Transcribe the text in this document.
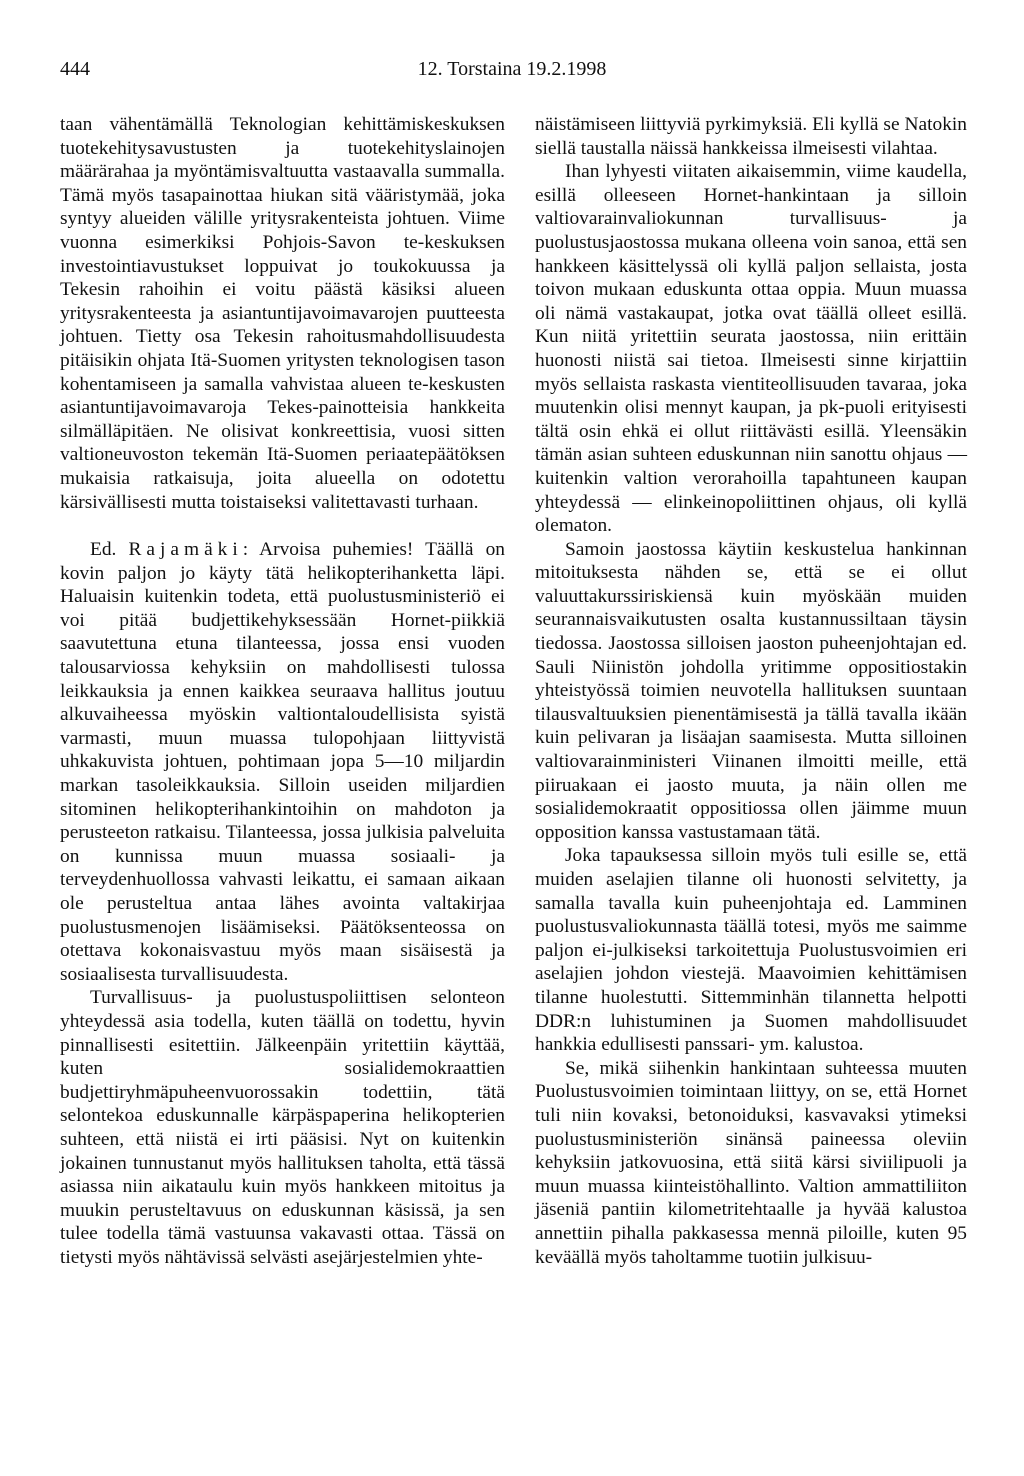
444	12. Torstaina 19.2.1998

taan vähentämällä Teknologian kehittämiskeskuksen tuotekehitysavustusten ja tuotekehityslainojen määrärahaa ja myöntämisvaltuutta vastaavalla summalla. Tämä myös tasapainottaa hiukan sitä vääristymää, joka syntyy alueiden välille yritysrakenteista johtuen. Viime vuonna esimerkiksi Pohjois-Savon te-keskuksen investointiavustukset loppuivat jo toukokuussa ja Tekesin rahoihin ei voitu päästä käsiksi alueen yritysrakenteesta ja asiantuntijavoimavarojen puutteesta johtuen. Tietty osa Tekesin rahoitusmahdollisuudesta pitäisikin ohjata Itä-Suomen yritysten teknologisen tason kohentamiseen ja samalla vahvistaa alueen te-keskusten asiantuntijavoimavaroja Tekes-painotteisia hankkeita silmälläpitäen. Ne olisivat konkreettisia, vuosi sitten valtioneuvoston tekemän Itä-Suomen periaatepäätöksen mukaisia ratkaisuja, joita alueella on odotettu kärsivällisesti mutta toistaiseksi valitettavasti turhaan.

Ed. Rajamäki: Arvoisa puhemies! Täällä on kovin paljon jo käyty tätä helikopterihanketta läpi. Haluaisin kuitenkin todeta, että puolustusministeriö ei voi pitää budjettikehyksessään Hornet-piikkiä saavutettuna etuna tilanteessa, jossa ensi vuoden talousarviossa kehyksiin on mahdollisesti tulossa leikkauksia ja ennen kaikkea seuraava hallitus joutuu alkuvaiheessa myöskin valtiontaloudellisista syistä varmasti, muun muassa tulopohjaan liittyvistä uhkakuvista johtuen, pohtimaan jopa 5—10 miljardin markan tasoleikkauksia. Silloin useiden miljardien sitominen helikopterihankintoihin on mahdoton ja perusteeton ratkaisu. Tilanteessa, jossa julkisia palveluita on kunnissa muun muassa sosiaali- ja terveydenhuollossa vahvasti leikattu, ei samaan aikaan ole perusteltua antaa lähes avointa valtakirjaa puolustusmenojen lisäämiseksi. Päätöksenteossa on otettava kokonaisvastuu myös maan sisäisestä ja sosiaalisesta turvallisuudesta.

Turvallisuus- ja puolustuspoliittisen selonteon yhteydessä asia todella, kuten täällä on todettu, hyvin pinnallisesti esitettiin. Jälkeenpäin yritettiin käyttää, kuten sosialidemokraattien budjettiryhmäpuheenvuorossakin todettiin, tätä selontekoa eduskunnalle kärpäspaperina helikopterien suhteen, että niistä ei irti pääsisi. Nyt on kuitenkin jokainen tunnustanut myös hallituksen taholta, että tässä asiassa niin aikataulu kuin myös hankkeen mitoitus ja muukin perusteltavuus on eduskunnan käsissä, ja sen tulee todella tämä vastuunsa vakavasti ottaa. Tässä on tietysti myös nähtävissä selvästi asejärjestelmien yhte-

näistämiseen liittyviä pyrkimyksiä. Eli kyllä se Natokin siellä taustalla näissä hankkeissa ilmeisesti vilahtaa.

Ihan lyhyesti viitaten aikaisemmin, viime kaudella, esillä olleeseen Hornet-hankintaan ja silloin valtiovarainvaliokunnan turvallisuus- ja puolustusjaostossa mukana olleena voin sanoa, että sen hankkeen käsittelyssä oli kyllä paljon sellaista, josta toivon mukaan eduskunta ottaa oppia. Muun muassa oli nämä vastakaupat, jotka ovat täällä olleet esillä. Kun niitä yritettiin seurata jaostossa, niin erittäin huonosti niistä sai tietoa. Ilmeisesti sinne kirjattiin myös sellaista raskasta vientiteollisuuden tavaraa, joka muutenkin olisi mennyt kaupan, ja pk-puoli erityisesti tältä osin ehkä ei ollut riittävästi esillä. Yleensäkin tämän asian suhteen eduskunnan niin sanottu ohjaus — kuitenkin valtion verorahoilla tapahtuneen kaupan yhteydessä — elinkeinopoliittinen ohjaus, oli kyllä olematon.

Samoin jaostossa käytiin keskustelua hankinnan mitoituksesta nähden se, että se ei ollut valuuttakurssiriskiensä kuin myöskään muiden seurannaisvaikutusten osalta kustannussiltaan täysin tiedossa. Jaostossa silloisen jaoston puheenjohtajan ed. Sauli Niinistön johdolla yritimme oppositiostakin yhteistyössä toimien neuvotella hallituksen suuntaan tilausvaltuuksien pienentämisestä ja tällä tavalla ikään kuin pelivaran ja lisäajan saamisesta. Mutta silloinen valtiovarainministeri Viinanen ilmoitti meille, että piiruakaan ei jaosto muuta, ja näin ollen me sosialidemokraatit oppositiossa ollen jäimme muun opposition kanssa vastustamaan tätä.

Joka tapauksessa silloin myös tuli esille se, että muiden aselajien tilanne oli huonosti selvitetty, ja samalla tavalla kuin puheenjohtaja ed. Lamminen puolustusvaliokunnasta täällä totesi, myös me saimme paljon ei-julkiseksi tarkoitettuja Puolustusvoimien eri aselajien johdon viestejä. Maavoimien kehittämisen tilanne huolestutti. Sittemminhän tilannetta helpotti DDR:n luhistuminen ja Suomen mahdollisuudet hankkia edullisesti panssari- ym. kalustoa.

Se, mikä siihenkin hankintaan suhteessa muuten Puolustusvoimien toimintaan liittyy, on se, että Hornet tuli niin kovaksi, betonoiduksi, kasvavaksi ytimeksi puolustusministeriön sinänsä paineessa oleviin kehyksiin jatkovuosina, että siitä kärsi siviilipuoli ja muun muassa kiinteistöhallinto. Valtion ammattiliiton jäseniä pantiin kilometritehtaalle ja hyvää kalustoa annettiin pihalla pakkasessa mennä piloille, kuten 95 keväällä myös taholtamme tuotiin julkisuu-
